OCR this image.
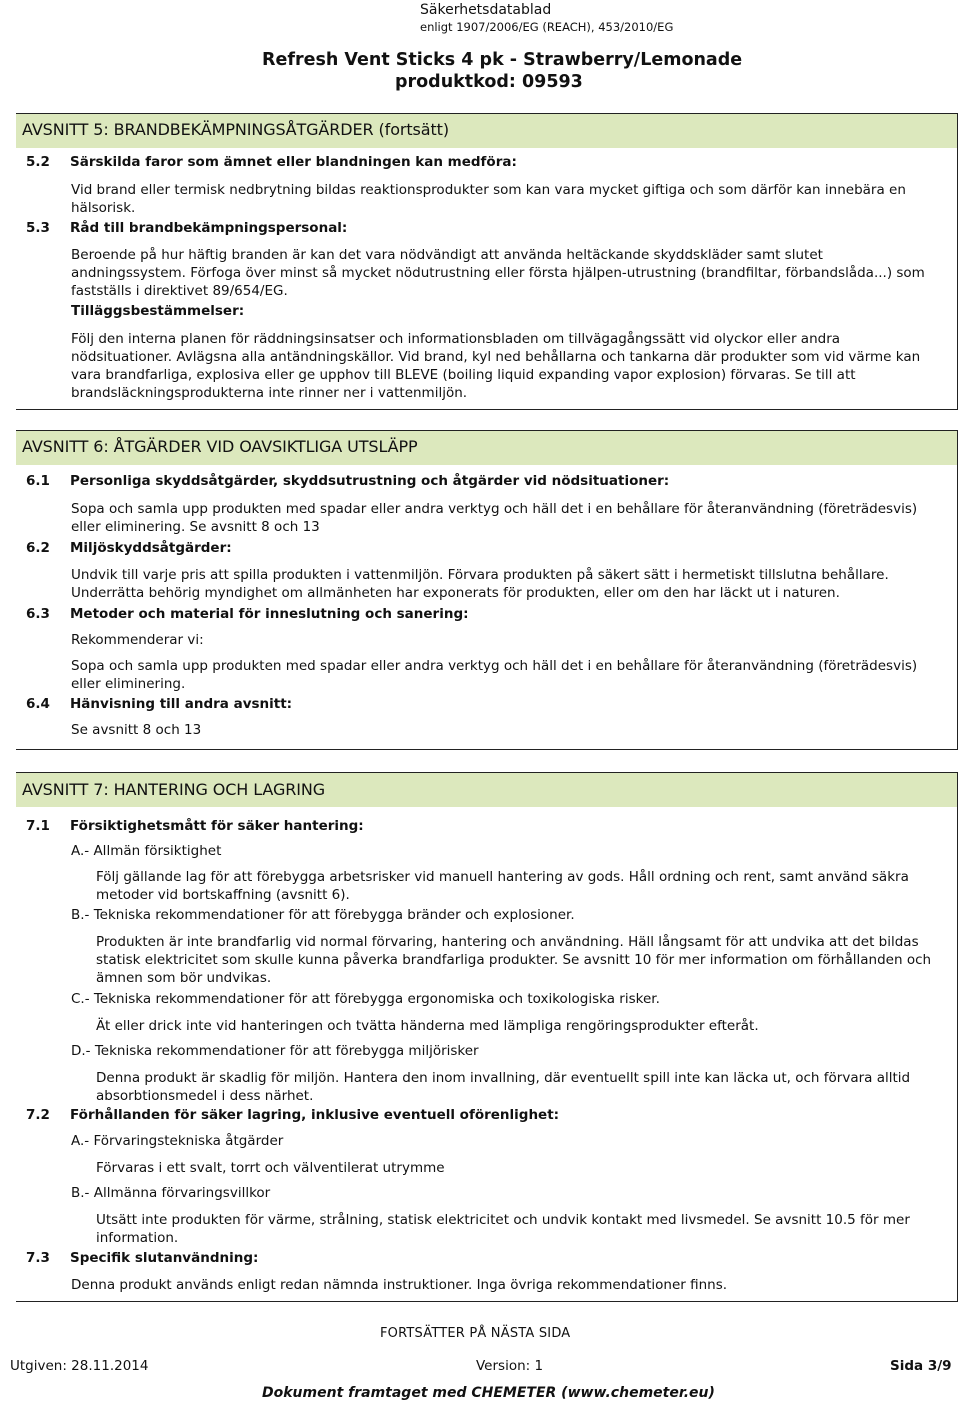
Säkerhetsdatablad
enligt 1907/2006/EG (REACH), 453/2010/EG
Refresh Vent Sticks 4 pk - Strawberry/Lemonade
produktkod: 09593
AVSNITT 5: BRANDBEKÄMPNINGSÅTGÄRDER (fortsätt)
5.2 Särskilda faror som ämnet eller blandningen kan medföra:
Vid brand eller termisk nedbrytning bildas reaktionsprodukter som kan vara mycket giftiga och som därför kan innebära en hälsorisk.
5.3 Råd till brandbekämpningspersonal:
Beroende på hur häftig branden är kan det vara nödvändigt att använda heltäckande skyddskläder samt slutet andningssystem. Förfoga över minst så mycket nödutrustning eller första hjälpen-utrustning (brandfiltar, förbandslåda...) som fastställs i direktivet 89/654/EG.
Tilläggsbestämmelser:
Följ den interna planen för räddningsinsatser och informationsbladen om tillvägagångssätt vid olyckor eller andra nödsituationer. Avlägsna alla antändningskällor. Vid brand, kyl ned behållarna och tankarna där produkter som vid värme kan vara brandfarliga, explosiva eller ge upphov till BLEVE (boiling liquid expanding vapor explosion) förvaras. Se till att brandsläckningsprodukterna inte rinner ner i vattenmiljön.
AVSNITT 6: ÅTGÄRDER VID OAVSIKTLIGA UTSLÄPP
6.1 Personliga skyddsåtgärder, skyddsutrustning och åtgärder vid nödsituationer:
Sopa och samla upp produkten med spadar eller andra verktyg och häll det i en behållare för återanvändning (företrädesvis) eller eliminering. Se avsnitt 8 och 13
6.2 Miljöskyddsåtgärder:
Undvik till varje pris att spilla produkten i vattenmiljön. Förvara produkten på säkert sätt i hermetiskt tillslutna behållare. Underrätta behörig myndighet om allmänheten har exponerats för produkten, eller om den har läckt ut i naturen.
6.3 Metoder och material för inneslutning och sanering:
Rekommenderar vi:
Sopa och samla upp produkten med spadar eller andra verktyg och häll det i en behållare för återanvändning (företrädesvis) eller eliminering.
6.4 Hänvisning till andra avsnitt:
Se avsnitt 8 och 13
AVSNITT 7: HANTERING OCH LAGRING
7.1 Försiktighetsmått för säker hantering:
A.- Allmän försiktighet
Följ gällande lag för att förebygga arbetsrisker vid manuell hantering av gods. Håll ordning och rent, samt använd säkra metoder vid bortskaffning (avsnitt 6).
B.- Tekniska rekommendationer för att förebygga bränder och explosioner.
Produkten är inte brandfarlig vid normal förvaring, hantering och användning. Häll långsamt för att undvika att det bildas statisk elektricitet som skulle kunna påverka brandfarliga produkter. Se avsnitt 10 för mer information om förhållanden och ämnen som bör undvikas.
C.- Tekniska rekommendationer för att förebygga ergonomiska och toxikologiska risker.
Ät eller drick inte vid hanteringen och tvätta händerna med lämpliga rengöringsprodukter efteråt.
D.- Tekniska rekommendationer för att förebygga miljörisker
Denna produkt är skadlig för miljön. Hantera den inom invallning, där eventuellt spill inte kan läcka ut, och förvara alltid absorbtionsmedel i dess närhet.
7.2 Förhållanden för säker lagring, inklusive eventuell oförenlighet:
A.- Förvaringstekniska åtgärder
Förvaras i ett svalt, torrt och välventilerat utrymme
B.- Allmänna förvaringsvillkor
Utsätt inte produkten för värme, strålning, statisk elektricitet och undvik kontakt med livsmedel. Se avsnitt 10.5 för mer information.
7.3 Specifik slutanvändning:
Denna produkt används enligt redan nämnda instruktioner. Inga övriga rekommendationer finns.
FORTSÄTTER PÅ NÄSTA SIDA
Utgiven: 28.11.2014	Version: 1	Sida 3/9
Dokument framtaget med CHEMETER (www.chemeter.eu)
